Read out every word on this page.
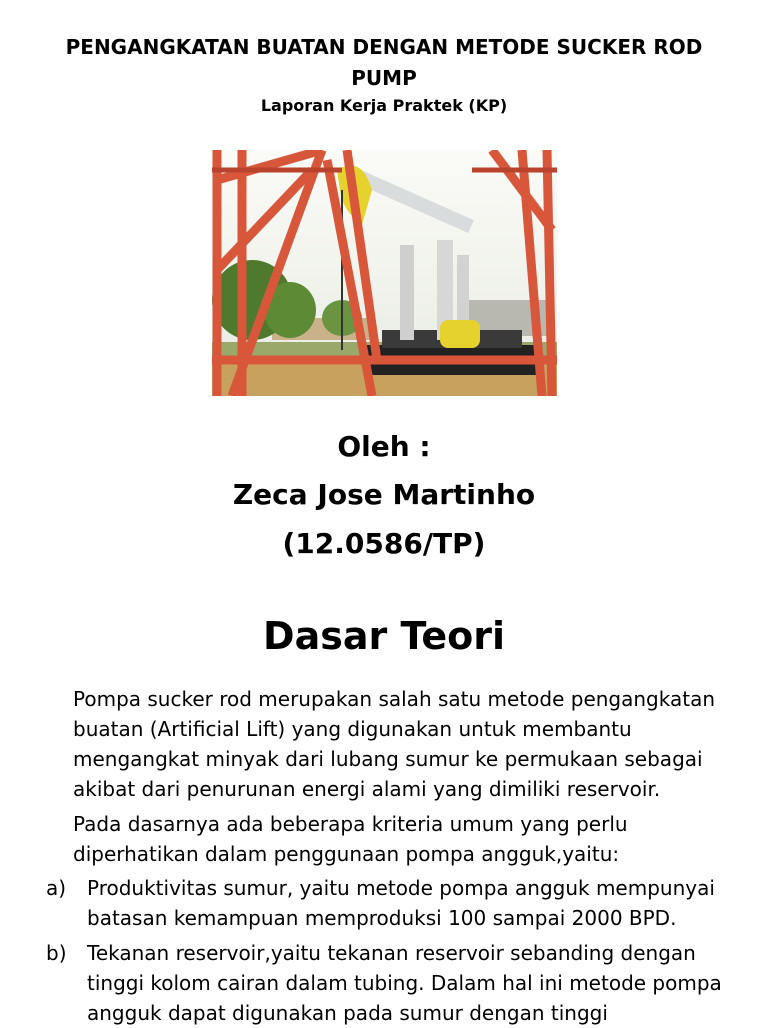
PENGANGKATAN BUATAN DENGAN METODE SUCKER ROD PUMP
Laporan Kerja Praktek (KP)
Oleh :
Zeca Jose Martinho
(12.0586/TP)
Dasar Teori
Pompa sucker rod merupakan salah satu metode pengangkatan buatan (Artificial Lift) yang digunakan untuk membantu mengangkat minyak dari lubang sumur ke permukaan sebagai akibat dari penurunan energi alami yang dimiliki reservoir.
Pada dasarnya ada beberapa kriteria umum yang perlu diperhatikan dalam penggunaan pompa angguk,yaitu:
a) Produktivitas sumur, yaitu metode pompa angguk mempunyai batasan kemampuan memproduksi 100 sampai 2000 BPD.
b) Tekanan reservoir,yaitu tekanan reservoir sebanding dengan tinggi kolom cairan dalam tubing. Dalam hal ini metode pompa angguk dapat digunakan pada sumur dengan tinggi
